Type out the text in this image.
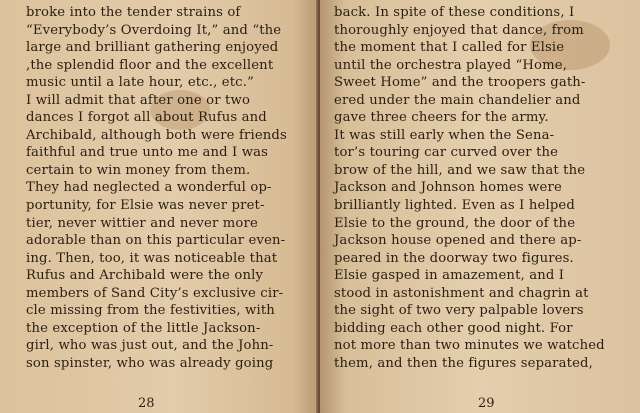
broke into the tender strains of
“Everybody’s Overdoing It,” and “the
large and brilliant gathering enjoyed
,the splendid floor and the excellent
music until a late hour, etc., etc.”
I will admit that after one or two
dances I forgot all about Rufus and
Archibald, although both were friends
faithful and true unto me and I was
certain to win money from them.
They had neglected a wonderful op-
portunity, for Elsie was never pret-
tier, never wittier and never more
adorable than on this particular even-
ing. Then, too, it was noticeable that
Rufus and Archibald were the only
members of Sand City’s exclusive cir-
cle missing from the festivities, with
the exception of the little Jackson-
girl, who was just out, and the John-
son spinster, who was already going
28
back. In spite of these conditions, I
thoroughly enjoyed that dance, from
the moment that I called for Elsie
until the orchestra played “Home,
Sweet Home” and the troopers gath-
ered under the main chandelier and
gave three cheers for the army.
It was still early when the Sena-
tor’s touring car curved over the
brow of the hill, and we saw that the
Jackson and Johnson homes were
brilliantly lighted. Even as I helped
Elsie to the ground, the door of the
Jackson house opened and there ap-
peared in the doorway two figures.
Elsie gasped in amazement, and I
stood in astonishment and chagrin at
the sight of two very palpable lovers
bidding each other good night. For
not more than two minutes we watched
them, and then the figures separated,
29
